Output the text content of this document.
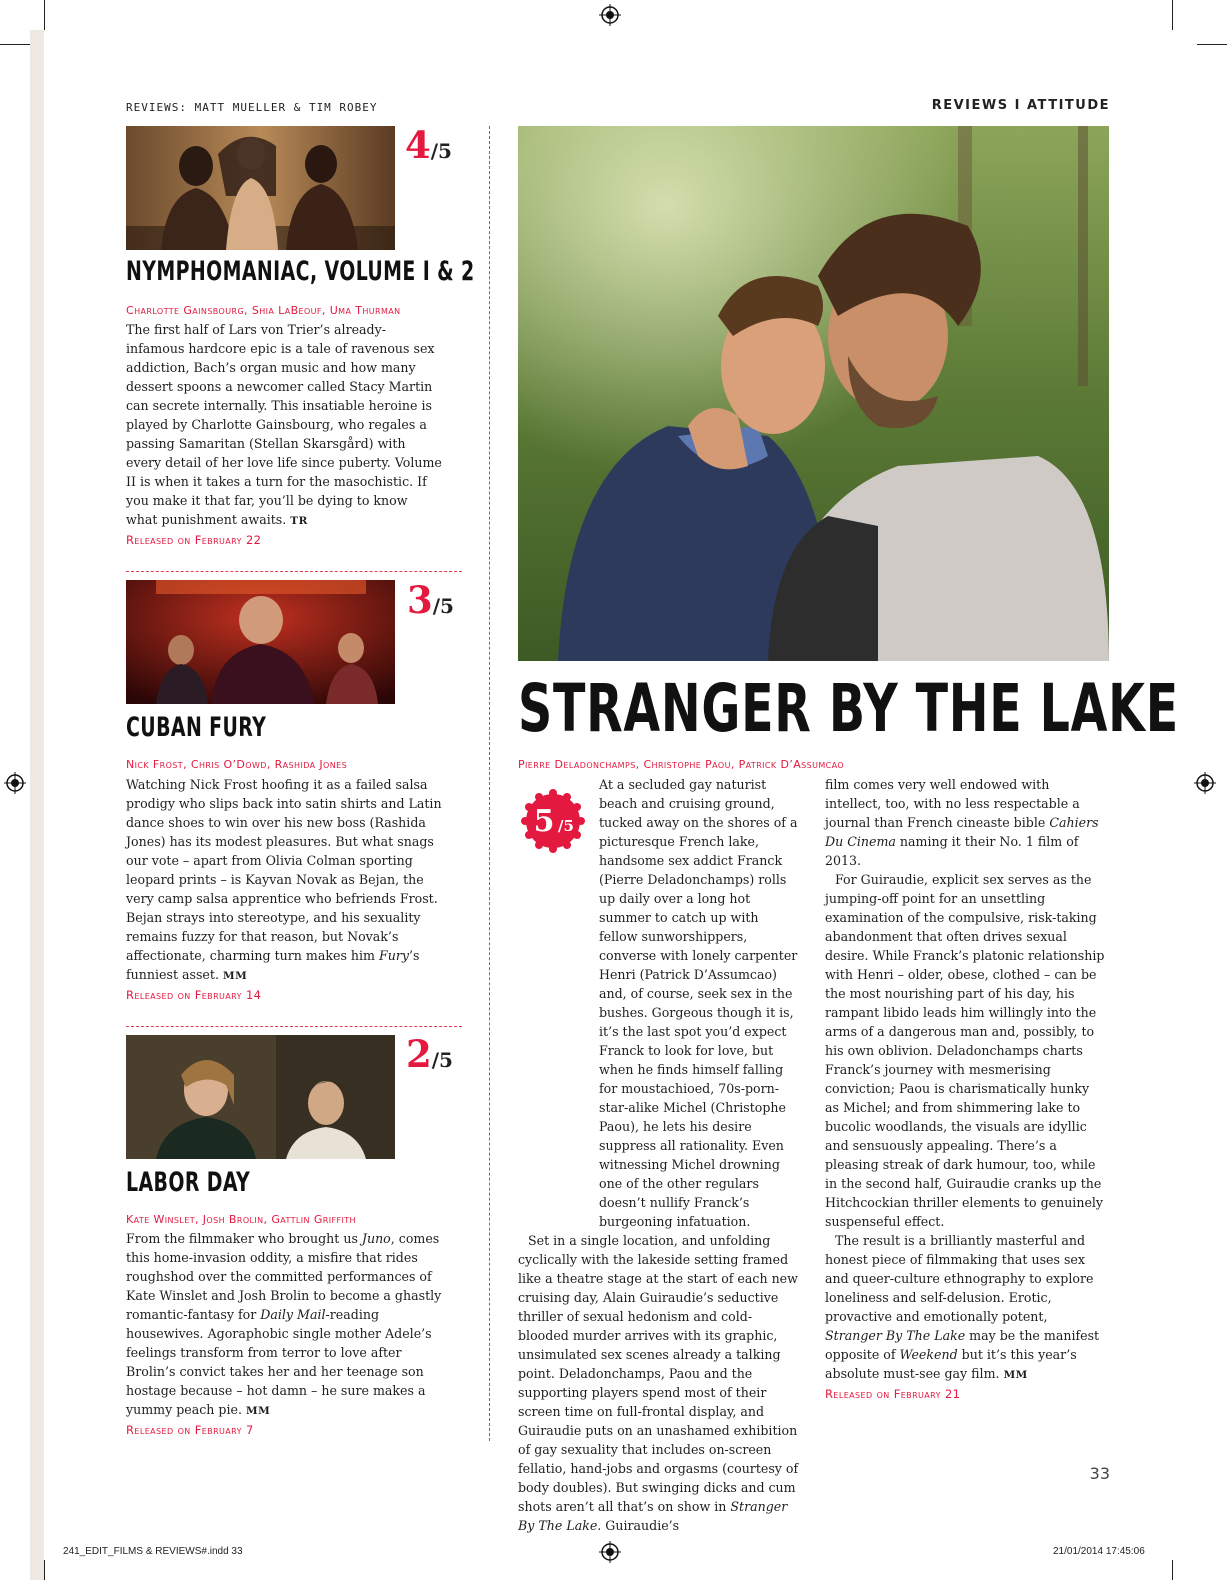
REVIEWS: MATT MUELLER & TIM ROBEY	REVIEWS I ATTITUDE
4/5
NYMPHOMANIAC, VOLUME I & 2
Charlotte Gainsbourg, Shia LaBeouf, Uma Thurman

The first half of Lars von Trier’s already-infamous hardcore epic is a tale of ravenous sex addiction, Bach’s organ music and how many dessert spoons a newcomer called Stacy Martin can secrete internally. This insatiable heroine is played by Charlotte Gainsbourg, who regales a passing Samaritan (Stellan Skarsgård) with every detail of her love life since puberty. Volume II is when it takes a turn for the masochistic. If you make it that far, you’ll be dying to know what punishment awaits. TR

Released on February 22
3/5
CUBAN FURY
Nick Frost, Chris O’Dowd, Rashida Jones

Watching Nick Frost hoofing it as a failed salsa prodigy who slips back into satin shirts and Latin dance shoes to win over his new boss (Rashida Jones) has its modest pleasures. But what snags our vote – apart from Olivia Colman sporting leopard prints – is Kayvan Novak as Bejan, the very camp salsa apprentice who befriends Frost. Bejan strays into stereotype, and his sexuality remains fuzzy for that reason, but Novak’s affectionate, charming turn makes him Fury’s funniest asset. MM

Released on February 14
2/5
LABOR DAY
Kate Winslet, Josh Brolin, Gattlin Griffith

From the filmmaker who brought us Juno, comes this home-invasion oddity, a misfire that rides roughshod over the committed performances of Kate Winslet and Josh Brolin to become a ghastly romantic-fantasy for Daily Mail-reading housewives. Agoraphobic single mother Adele’s feelings transform from terror to love after Brolin’s convict takes her and her teenage son hostage because – hot damn – he sure makes a yummy peach pie. MM

Released on February 7
STRANGER BY THE LAKE
Pierre Deladonchamps, Christophe Paou, Patrick D’Assumcao
5 /5

At a secluded gay naturist beach and cruising ground, tucked away on the shores of a picturesque French lake, handsome sex addict Franck (Pierre Deladonchamps) rolls up daily over a long hot summer to catch up with fellow sunworshippers, converse with lonely carpenter Henri (Patrick D’Assumcao) and, of course, seek sex in the bushes. Gorgeous though it is, it’s the last spot you’d expect Franck to look for love, but when he finds himself falling for moustachioed, 70s-porn-star-alike Michel (Christophe Paou), he lets his desire suppress all rationality. Even witnessing Michel drowning one of the other regulars doesn’t nullify Franck’s burgeoning infatuation.

Set in a single location, and unfolding cyclically with the lakeside setting framed like a theatre stage at the start of each new cruising day, Alain Guiraudie’s seductive thriller of sexual hedonism and cold-blooded murder arrives with its graphic, unsimulated sex scenes already a talking point. Deladonchamps, Paou and the supporting players spend most of their screen time on full-frontal display, and Guiraudie puts on an unashamed exhibition of gay sexuality that includes on-screen fellatio, hand-jobs and orgasms (courtesy of body doubles). But swinging dicks and cum shots aren’t all that’s on show in Stranger By The Lake. Guiraudie’s

film comes very well endowed with intellect, too, with no less respectable a journal than French cineaste bible Cahiers Du Cinema naming it their No. 1 film of 2013.

For Guiraudie, explicit sex serves as the jumping-off point for an unsettling examination of the compulsive, risk-taking abandonment that often drives sexual desire. While Franck’s platonic relationship with Henri – older, obese, clothed – can be the most nourishing part of his day, his rampant libido leads him willingly into the arms of a dangerous man and, possibly, to his own oblivion. Deladonchamps charts Franck’s journey with mesmerising conviction; Paou is charismatically hunky as Michel; and from shimmering lake to bucolic woodlands, the visuals are idyllic and sensuously appealing. There’s a pleasing streak of dark humour, too, while in the second half, Guiraudie cranks up the Hitchcockian thriller elements to genuinely suspenseful effect.

The result is a brilliantly masterful and honest piece of filmmaking that uses sex and queer-culture ethnography to explore loneliness and self-delusion. Erotic, provactive and emotionally potent, Stranger By The Lake may be the manifest opposite of Weekend but it’s this year’s absolute must-see gay film. MM

Released on February 21
33
241_EDIT_FILMS & REVIEWS#.indd 33	21/01/2014 17:45:06
